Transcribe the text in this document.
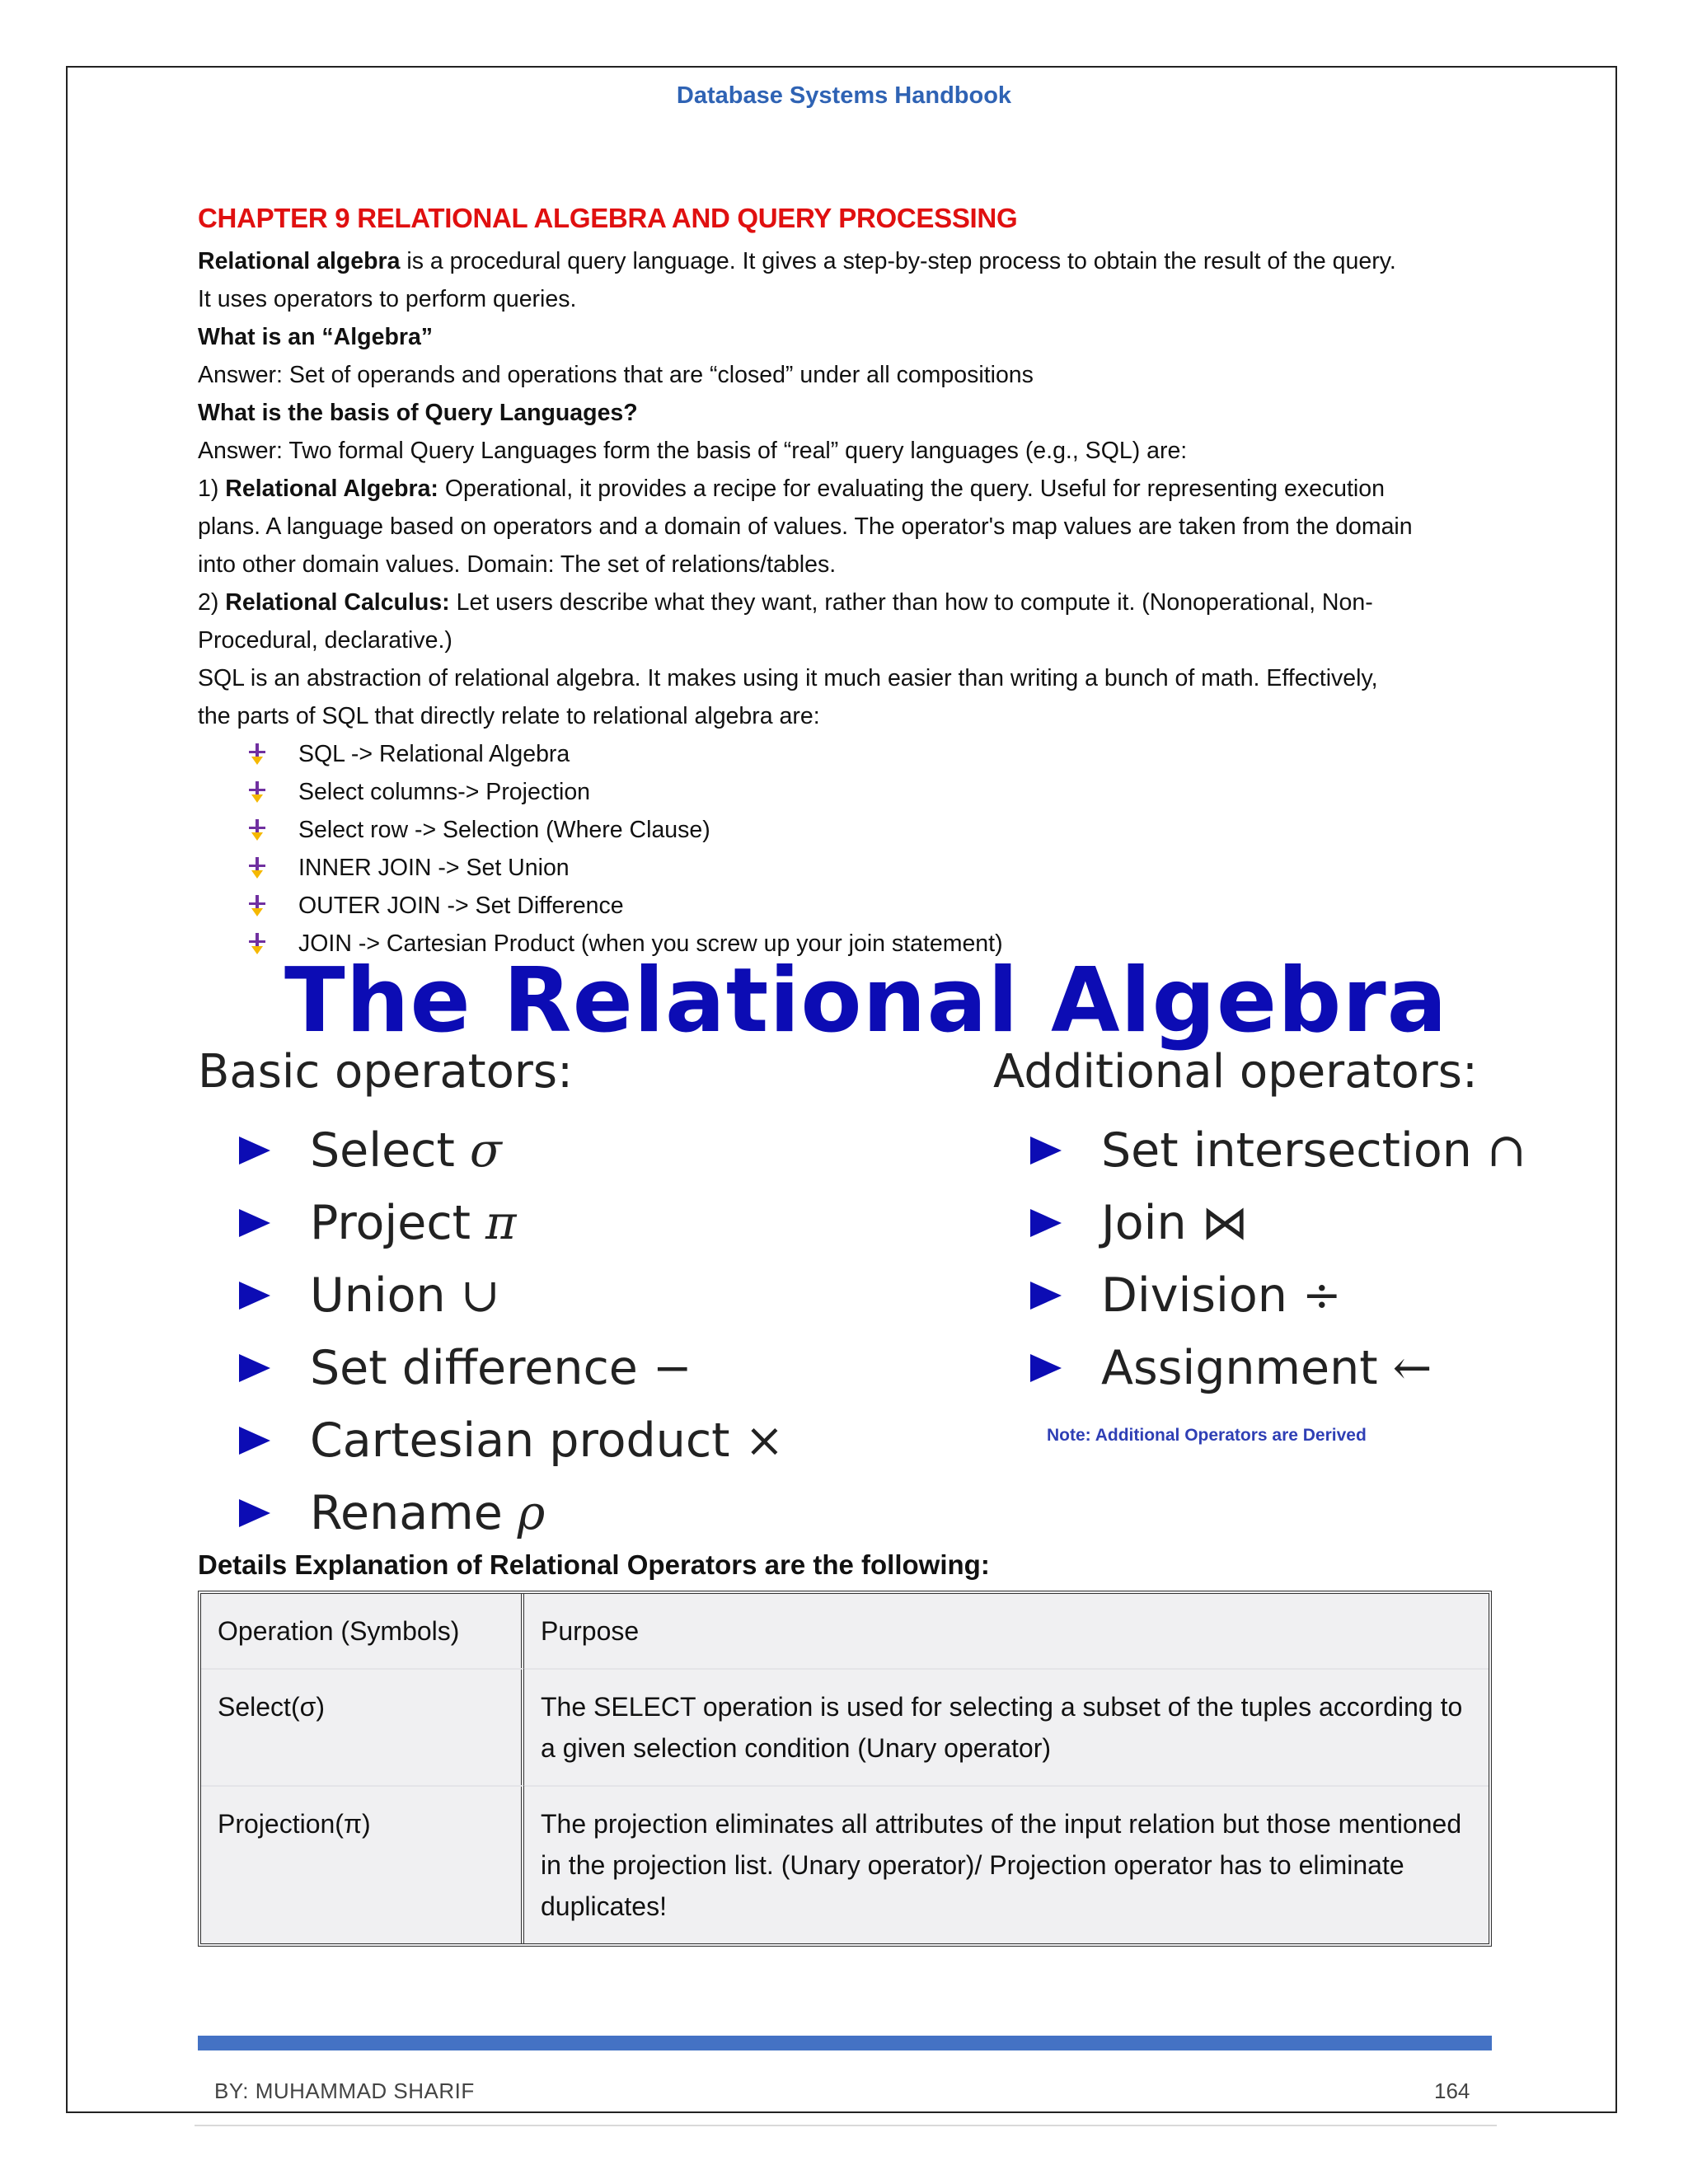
Database Systems Handbook

CHAPTER 9 RELATIONAL ALGEBRA AND QUERY PROCESSING

Relational algebra is a procedural query language. It gives a step-by-step process to obtain the result of the query.

It uses operators to perform queries.

What is an “Algebra”

Answer: Set of operands and operations that are “closed” under all compositions

What is the basis of Query Languages?

Answer: Two formal Query Languages form the basis of “real” query languages (e.g., SQL) are:

1) Relational Algebra: Operational, it provides a recipe for evaluating the query. Useful for representing execution

plans. A language based on operators and a domain of values. The operator's map values are taken from the domain

into other domain values. Domain: The set of relations/tables.

2) Relational Calculus: Let users describe what they want, rather than how to compute it. (Nonoperational, Non-

Procedural, declarative.)

SQL is an abstraction of relational algebra. It makes using it much easier than writing a bunch of math. Effectively,

the parts of SQL that directly relate to relational algebra are:

SQL -> Relational Algebra
Select columns-> Projection
Select row -> Selection (Where Clause)
INNER JOIN -> Set Union
OUTER JOIN -> Set Difference
JOIN -> Cartesian Product (when you screw up your join statement)
The Relational Algebra
Basic operators:	Additional operators:
Select σ
Project π
Union ∪
Set difference −
Cartesian product ×
Rename ρ
Set intersection ∩
Join ⋈
Division ÷
Assignment ←
Note: Additional Operators are Derived
Details Explanation of Relational Operators are the following:
Operation (Symbols)	Purpose
Select(σ)	The SELECT operation is used for selecting a subset of the tuples according to a given selection condition (Unary operator)
Projection(π)	The projection eliminates all attributes of the input relation but those mentioned in the projection list. (Unary operator)/ Projection operator has to eliminate duplicates!
BY: MUHAMMAD SHARIF	164
